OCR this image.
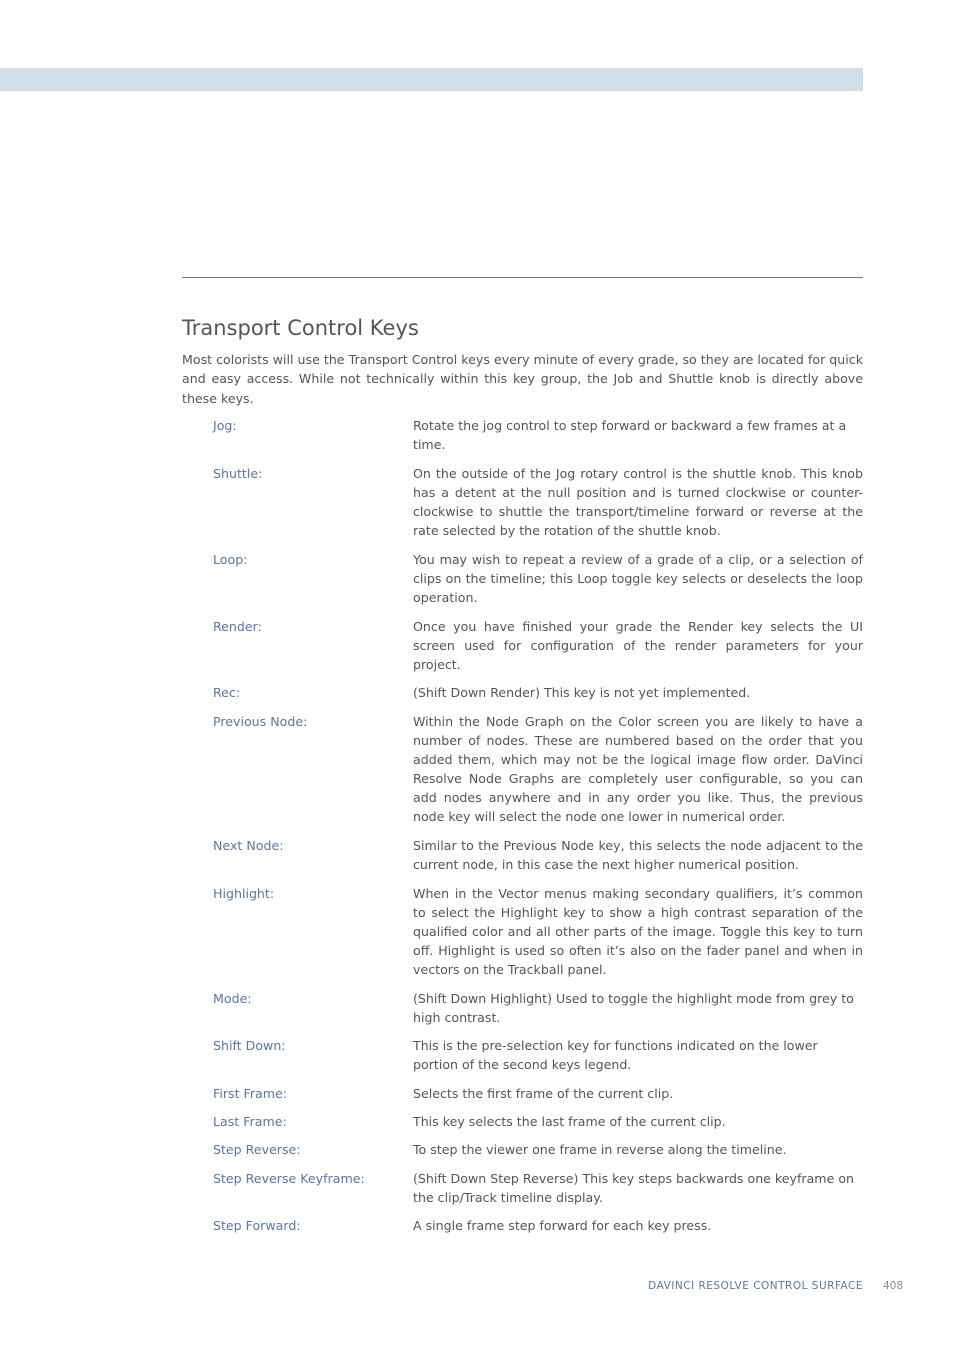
Transport Control Keys

Most colorists will use the Transport Control keys every minute of every grade, so they are located for quick and easy access. While not technically within this key group, the Job and Shuttle knob is directly above these keys.

Jog:	Rotate the jog control to step forward or backward a few frames at a time.

Shuttle:	On the outside of the Jog rotary control is the shuttle knob. This knob has a detent at the null position and is turned clockwise or counter-clockwise to shuttle the transport/timeline forward or reverse at the rate selected by the rotation of the shuttle knob.

Loop:	You may wish to repeat a review of a grade of a clip, or a selection of clips on the timeline; this Loop toggle key selects or deselects the loop operation.

Render:	Once you have finished your grade the Render key selects the UI screen used for configuration of the render parameters for your project.

Rec:	(Shift Down Render) This key is not yet implemented.

Previous Node:	Within the Node Graph on the Color screen you are likely to have a number of nodes. These are numbered based on the order that you added them, which may not be the logical image flow order. DaVinci Resolve Node Graphs are completely user configurable, so you can add nodes anywhere and in any order you like. Thus, the previous node key will select the node one lower in numerical order.

Next Node:	Similar to the Previous Node key, this selects the node adjacent to the current node, in this case the next higher numerical position.

Highlight:	When in the Vector menus making secondary qualifiers, it’s common to select the Highlight key to show a high contrast separation of the qualified color and all other parts of the image. Toggle this key to turn off. Highlight is used so often it’s also on the fader panel and when in vectors on the Trackball panel.

Mode:	(Shift Down Highlight) Used to toggle the highlight mode from grey to high contrast.

Shift Down:	This is the pre-selection key for functions indicated on the lower portion of the second keys legend.

First Frame:	Selects the first frame of the current clip.

Last Frame:	This key selects the last frame of the current clip.

Step Reverse:	To step the viewer one frame in reverse along the timeline.

Step Reverse Keyframe:	(Shift Down Step Reverse) This key steps backwards one keyframe on the clip/Track timeline display.

Step Forward:	A single frame step forward for each key press.

DAVINCI RESOLVE CONTROL SURFACE 408
